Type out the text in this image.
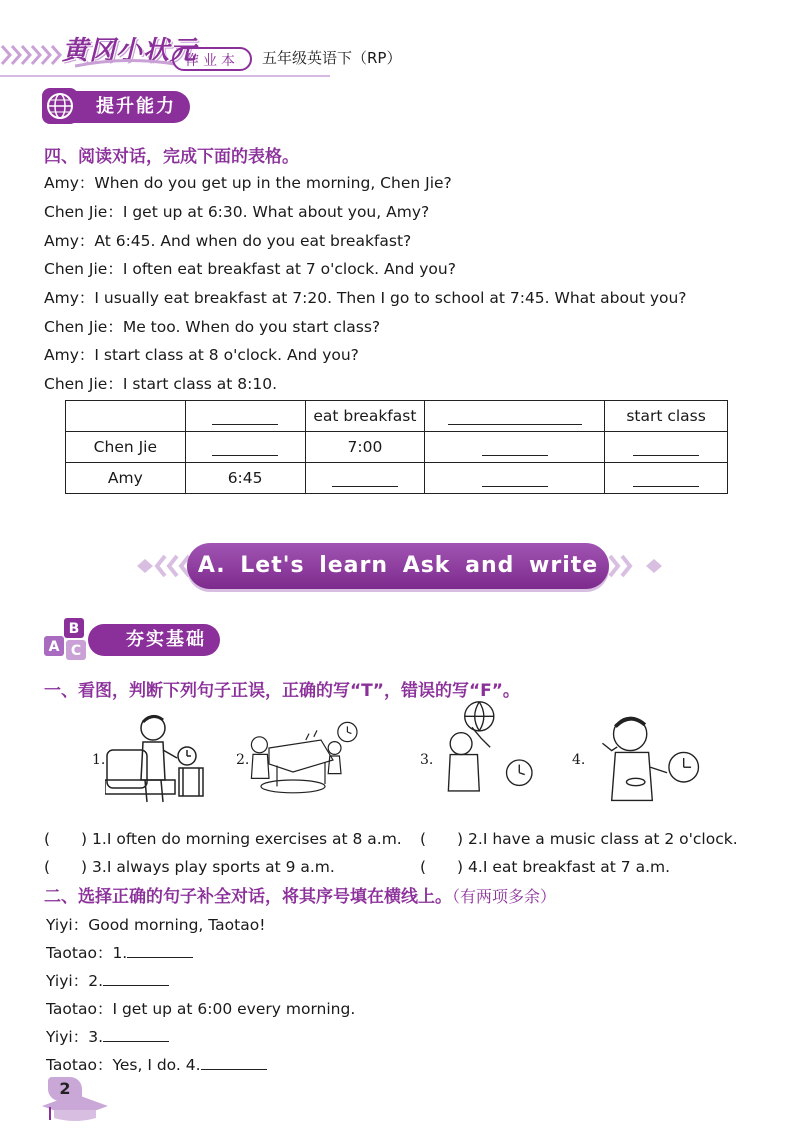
黄冈小状元
作业本	五年级英语下（RP）
提升能力
四、阅读对话，完成下面的表格。
Amy：When do you get up in the morning, Chen Jie?
Chen Jie：I get up at 6:30. What about you, Amy?
Amy：At 6:45. And when do you eat breakfast?
Chen Jie：I often eat breakfast at 7 o'clock. And you?
Amy：I usually eat breakfast at 7:20. Then I go to school at 7:45. What about you?
Chen Jie：Me too. When do you start class?
Amy：I start class at 8 o'clock. And you?
Chen Jie：I start class at 8:10.
		eat breakfast		start class
Chen Jie		7:00		
Amy	6:45			
A. Let's learn Ask and write
夯实基础
B
A C
一、看图，判断下列句子正误，正确的写“T”，错误的写“F”。
1.	2.	3.	4.
(　　) 1.I often do morning exercises at 8 a.m. (　　) 2.I have a music class at 2 o'clock.
(　　) 3.I always play sports at 9 a.m.	(　　) 4.I eat breakfast at 7 a.m.
二、选择正确的句子补全对话，将其序号填在横线上。（有两项多余）
Yiyi：Good morning, Taotao!
Taotao：1.
Yiyi：2.
Taotao：I get up at 6:00 every morning.
Yiyi：3.
Taotao：Yes, I do. 4.
2
